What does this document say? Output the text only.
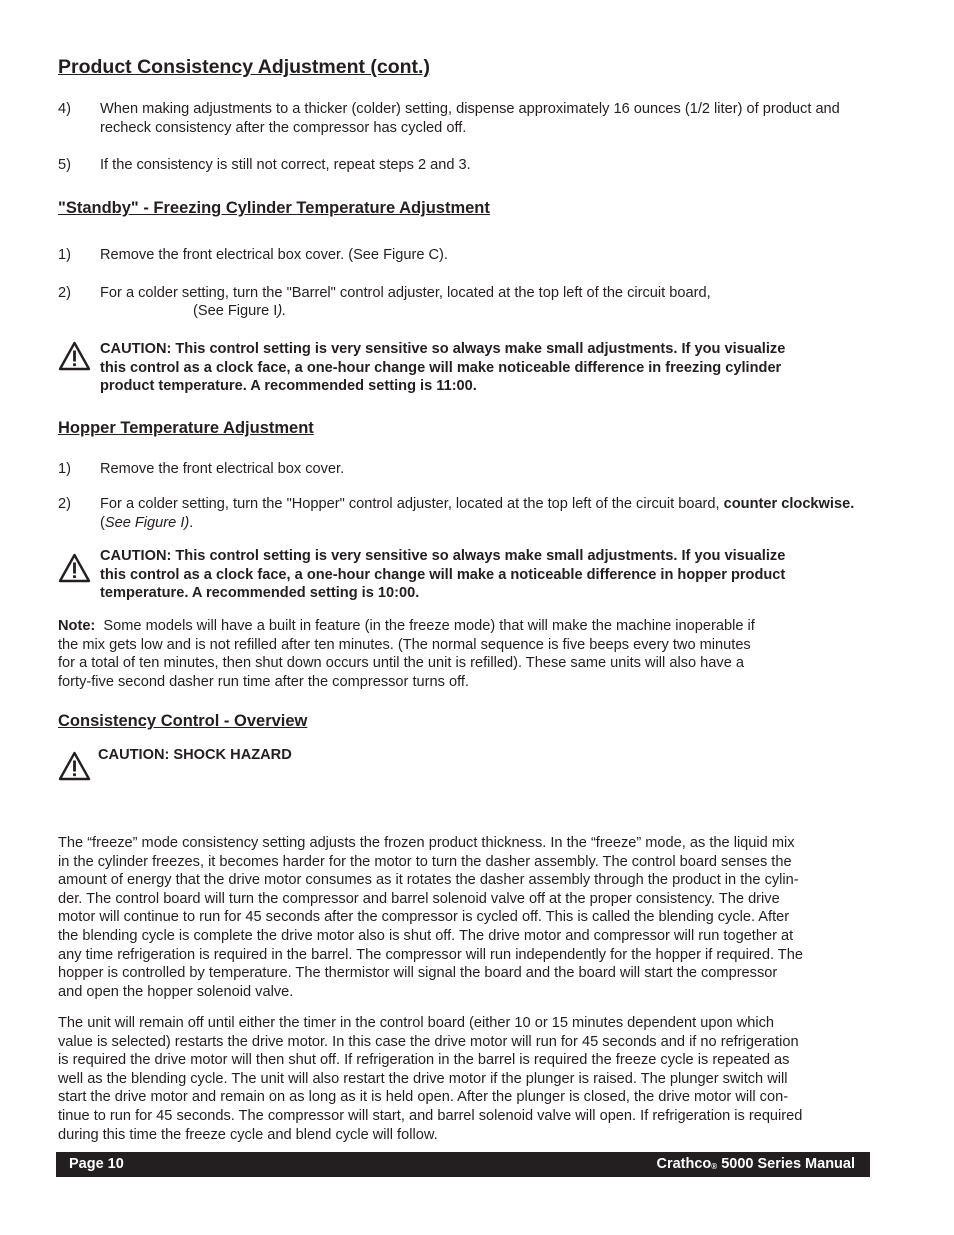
Product Consistency Adjustment (cont.)
4)	When making adjustments to a thicker (colder) setting, dispense approximately 16 ounces (1/2 liter) of product and recheck consistency after the compressor has cycled off.
5)	If the consistency is still not correct, repeat steps 2 and 3.
"Standby" - Freezing Cylinder Temperature Adjustment
1)	Remove the front electrical box cover. (See Figure C).
2)	For a colder setting, turn the "Barrel" control adjuster, located at the top left of the circuit board,
(See Figure I).
CAUTION: This control setting is very sensitive so always make small adjustments. If you visualize
this control as a clock face, a one-hour change will make noticeable difference in freezing cylinder
product temperature. A recommended setting is 11:00.
Hopper Temperature Adjustment
1)	Remove the front electrical box cover.
2)	For a colder setting, turn the "Hopper" control adjuster, located at the top left of the circuit board, counter clockwise.  (See Figure I).
CAUTION: This control setting is very sensitive so always make small adjustments. If you visualize
this control as a clock face, a one-hour change will make a noticeable difference in hopper product
temperature. A recommended setting is 10:00.
Note: Some models will have a built in feature (in the freeze mode) that will make the machine inoperable if
the mix gets low and is not refilled after ten minutes. (The normal sequence is five beeps every two minutes
for a total of ten minutes, then shut down occurs until the unit is refilled). These same units will also have a
forty-five second dasher run time after the compressor turns off.
Consistency Control - Overview
CAUTION: SHOCK HAZARD
The “freeze” mode consistency setting adjusts the frozen product thickness. In the “freeze” mode, as the liquid mix
in the cylinder freezes, it becomes harder for the motor to turn the dasher assembly. The control board senses the
amount of energy that the drive motor consumes as it rotates the dasher assembly through the product in the cylin-
der. The control board will turn the compressor and barrel solenoid valve off at the proper consistency. The drive
motor will continue to run for 45 seconds after the compressor is cycled off. This is called the blending cycle. After
the blending cycle is complete the drive motor also is shut off. The drive motor and compressor will run together at
any time refrigeration is required in the barrel. The compressor will run independently for the hopper if required. The
hopper is controlled by temperature. The thermistor will signal the board and the board will start the compressor
and open the hopper solenoid valve.
The unit will remain off until either the timer in the control board (either 10 or 15 minutes dependent upon which
value is selected) restarts the drive motor. In this case the drive motor will run for 45 seconds and if no refrigeration
is required the drive motor will then shut off. If refrigeration in the barrel is required the freeze cycle is repeated as
well as the blending cycle. The unit will also restart the drive motor if the plunger is raised. The plunger switch will
start the drive motor and remain on as long as it is held open. After the plunger is closed, the drive motor will con-
tinue to run for 45 seconds. The compressor will start, and barrel solenoid valve will open. If refrigeration is required
during this time the freeze cycle and blend cycle will follow.
Page 10	Crathco® 5000 Series Manual
